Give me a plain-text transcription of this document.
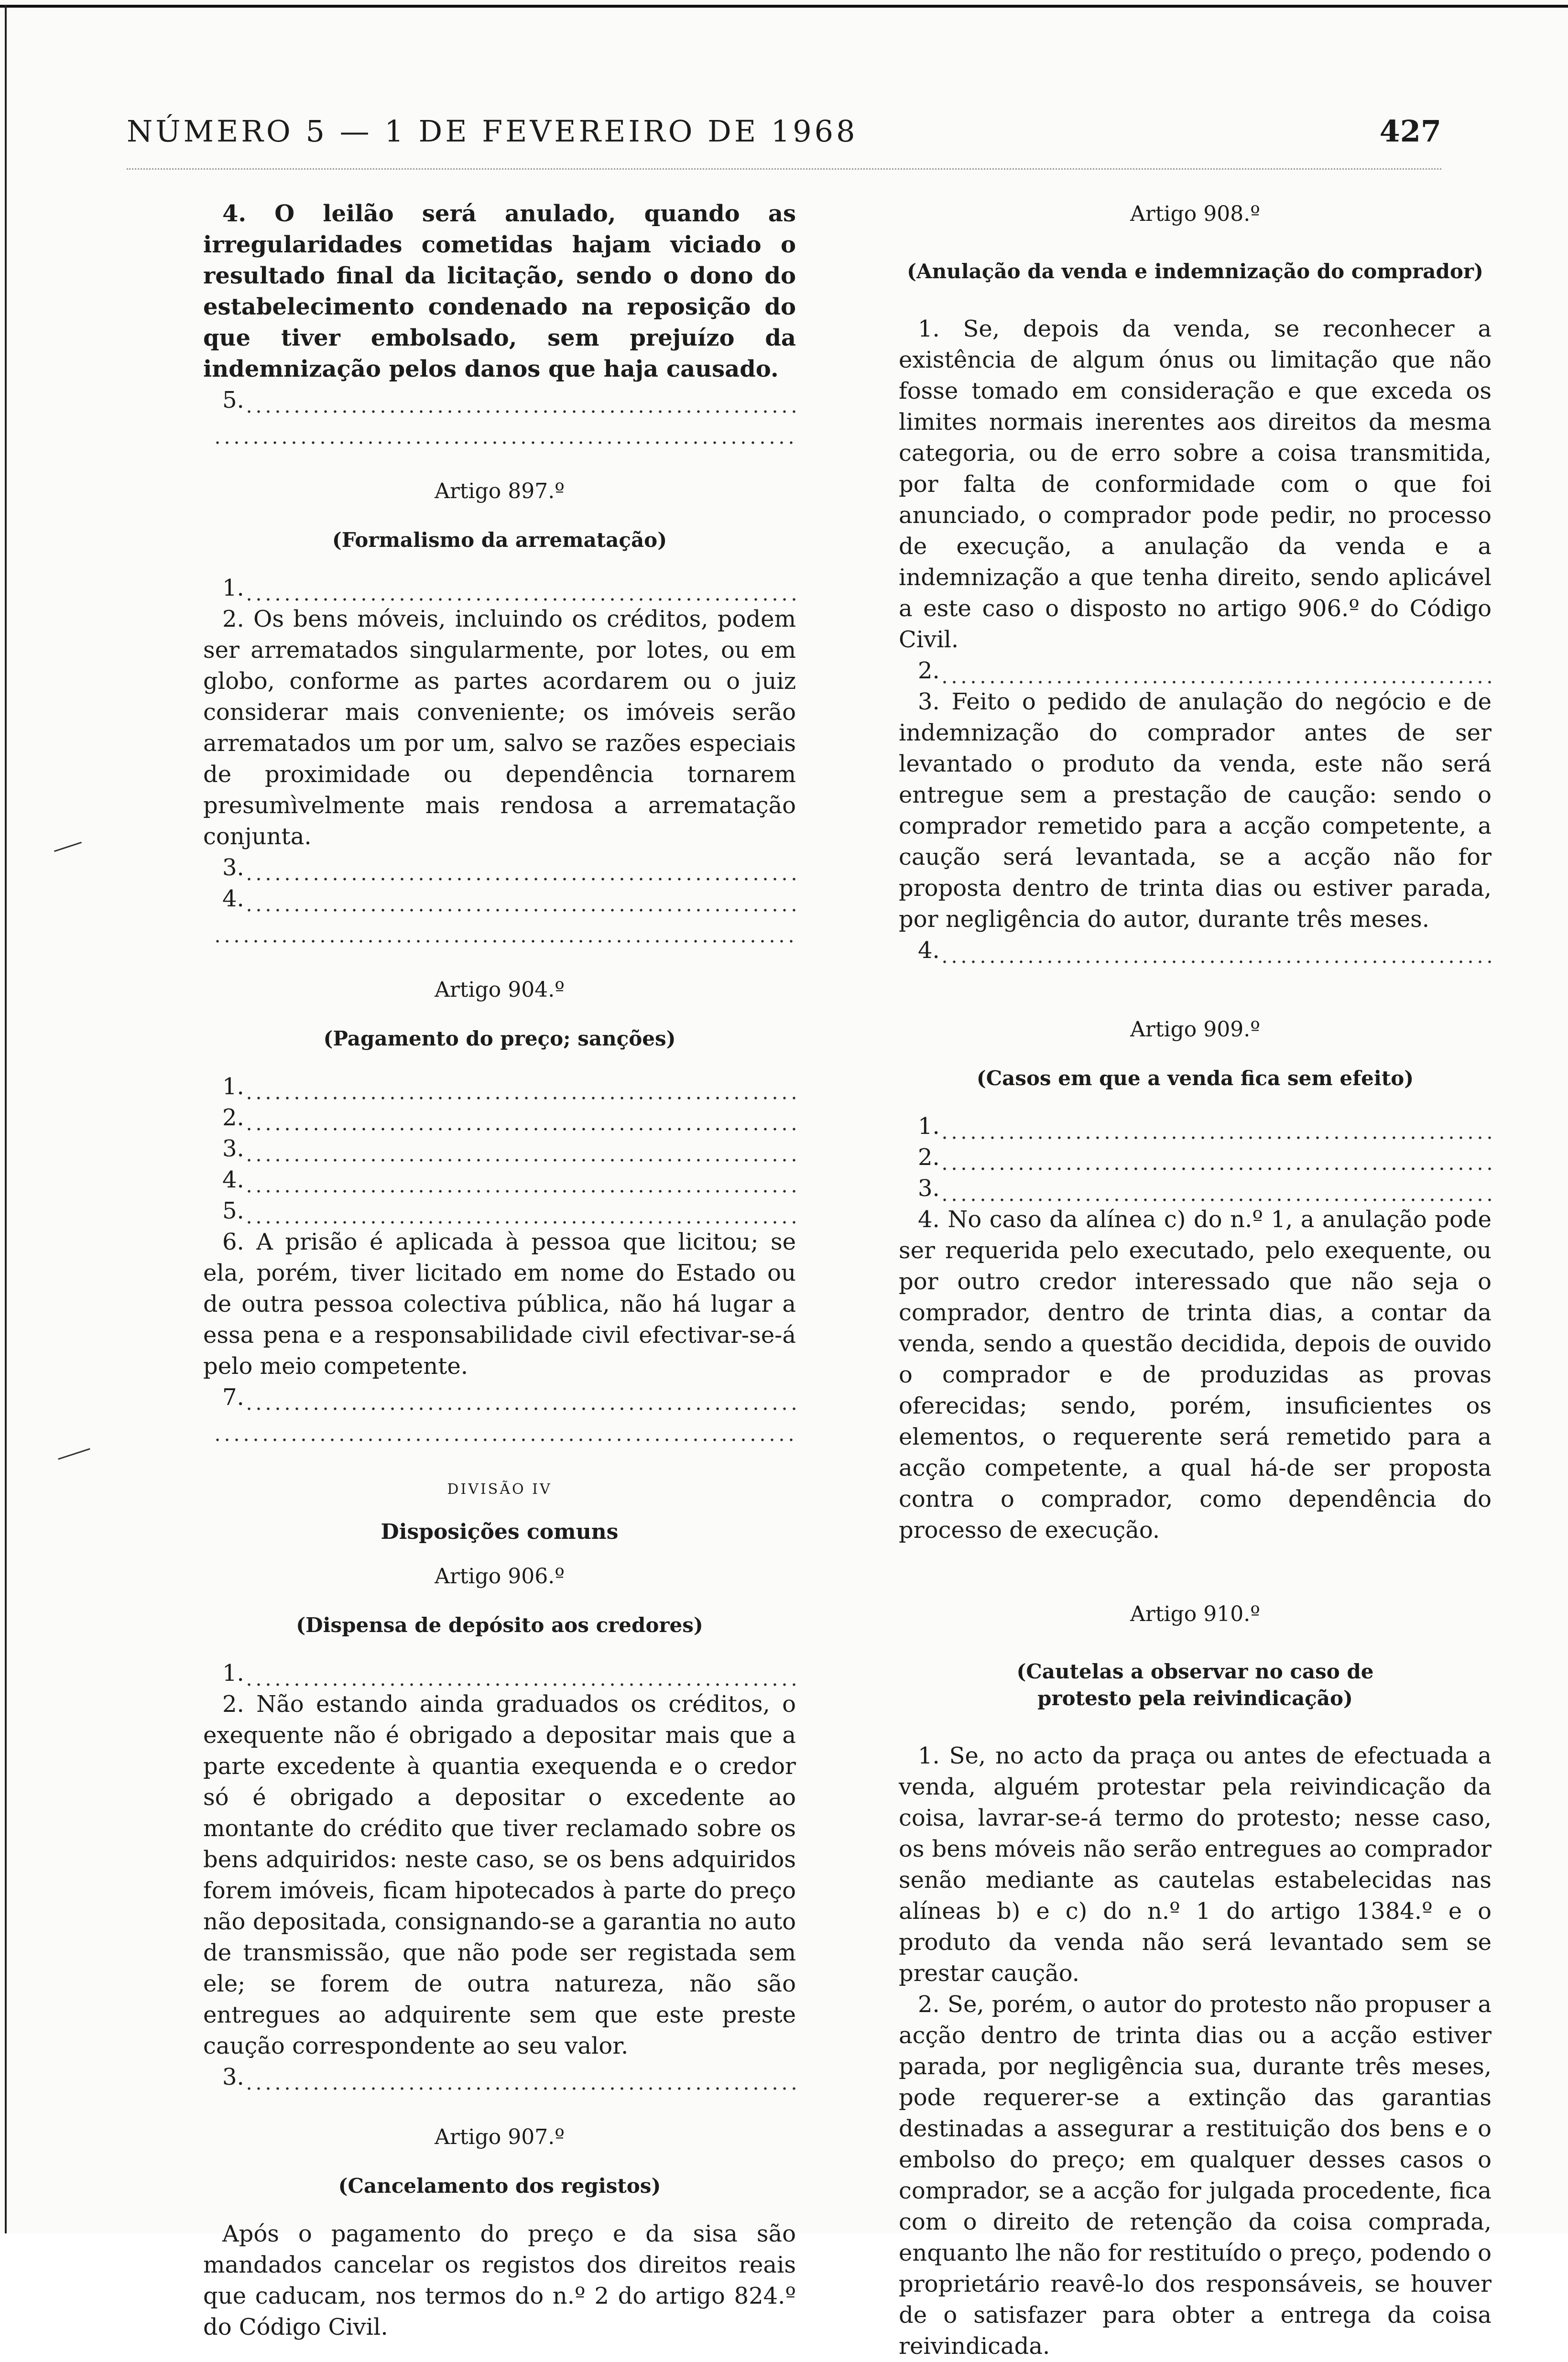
NÚMERO 5 — 1 DE FEVEREIRO DE 1968	427

4. O leilão será anulado, quando as irregularidades cometidas hajam viciado o resultado final da licitação, sendo o dono do estabelecimento condenado na reposição do que tiver embolsado, sem prejuízo da indemnização pelos danos que haja causado.

5.
Artigo 897.º
(Formalismo da arrematação)
1.

2. Os bens móveis, incluindo os créditos, podem ser arrematados singularmente, por lotes, ou em globo, conforme as partes acordarem ou o juiz considerar mais conveniente; os imóveis serão arrematados um por um, salvo se razões especiais de proximidade ou dependência tornarem presumìvelmente mais rendosa a arrematação conjunta.

3.
4.
Artigo 904.º
(Pagamento do preço; sanções)
1.
2.
3.
4.
5.

6. A prisão é aplicada à pessoa que licitou; se ela, porém, tiver licitado em nome do Estado ou de outra pessoa colectiva pública, não há lugar a essa pena e a responsabilidade civil efectivar-se-á pelo meio competente.

7.
DIVISÃO IV
Disposições comuns
Artigo 906.º
(Dispensa de depósito aos credores)
1.

2. Não estando ainda graduados os créditos, o exequente não é obrigado a depositar mais que a parte excedente à quantia exequenda e o credor só é obrigado a depositar o excedente ao montante do crédito que tiver reclamado sobre os bens adquiridos: neste caso, se os bens adquiridos forem imóveis, ficam hipotecados à parte do preço não depositada, consignando-se a garantia no auto de transmissão, que não pode ser registada sem ele; se forem de outra natureza, não são entregues ao adquirente sem que este preste caução correspondente ao seu valor.

3.
Artigo 907.º
(Cancelamento dos registos)

Após o pagamento do preço e da sisa são mandados cancelar os registos dos direitos reais que caducam, nos termos do n.º 2 do artigo 824.º do Código Civil.

Artigo 908.º
(Anulação da venda e indemnização do comprador)

1. Se, depois da venda, se reconhecer a existência de algum ónus ou limitação que não fosse tomado em consideração e que exceda os limites normais inerentes aos direitos da mesma categoria, ou de erro sobre a coisa transmitida, por falta de conformidade com o que foi anunciado, o comprador pode pedir, no processo de execução, a anulação da venda e a indemnização a que tenha direito, sendo aplicável a este caso o disposto no artigo 906.º do Código Civil.

2.

3. Feito o pedido de anulação do negócio e de indemnização do comprador antes de ser levantado o produto da venda, este não será entregue sem a prestação de caução: sendo o comprador remetido para a acção competente, a caução será levantada, se a acção não for proposta dentro de trinta dias ou estiver parada, por negligência do autor, durante três meses.

4.
Artigo 909.º
(Casos em que a venda fica sem efeito)
1.
2.
3.

4. No caso da alínea c) do n.º 1, a anulação pode ser requerida pelo executado, pelo exequente, ou por outro credor interessado que não seja o comprador, dentro de trinta dias, a contar da venda, sendo a questão decidida, depois de ouvido o comprador e de produzidas as provas oferecidas; sendo, porém, insuficientes os elementos, o requerente será remetido para a acção competente, a qual há-de ser proposta contra o comprador, como dependência do processo de execução.

Artigo 910.º
(Cautelas a observar no caso de protesto pela reivindicação)

1. Se, no acto da praça ou antes de efectuada a venda, alguém protestar pela reivindicação da coisa, lavrar-se-á termo do protesto; nesse caso, os bens móveis não serão entregues ao comprador senão mediante as cautelas estabelecidas nas alíneas b) e c) do n.º 1 do artigo 1384.º e o produto da venda não será levantado sem se prestar caução.

2. Se, porém, o autor do protesto não propuser a acção dentro de trinta dias ou a acção estiver parada, por negligência sua, durante três meses, pode requerer-se a extinção das garantias destinadas a assegurar a restituição dos bens e o embolso do preço; em qualquer desses casos o comprador, se a acção for julgada procedente, fica com o direito de retenção da coisa comprada, enquanto lhe não for restituído o preço, podendo o proprietário reavê-lo dos responsáveis, se houver de o satisfazer para obter a entrega da coisa reivindicada.
